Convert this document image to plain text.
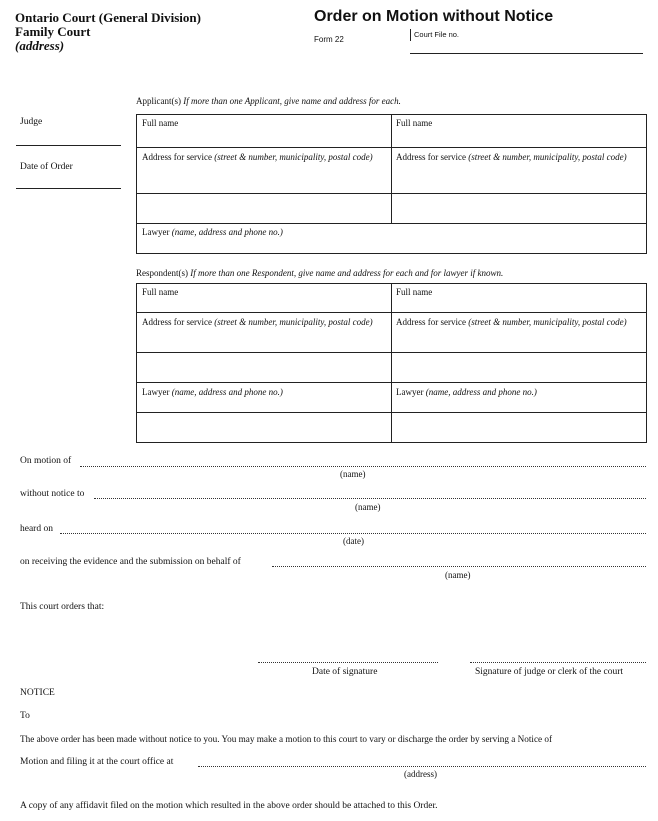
Ontario Court (General Division)
Family Court
(address)
Order on Motion without Notice
Form 22
Court File no.
Judge
Date of Order
Applicant(s) If more than one Applicant, give name and address for each.
Full name	Full name
Address for service (street & number, municipality, postal code)	Address for service (street & number, municipality, postal code)
Lawyer (name, address and phone no.)
Respondent(s) If more than one Respondent, give name and address for each and for lawyer if known.
Full name	Full name
Address for service (street & number, municipality, postal code)	Address for service (street & number, municipality, postal code)
Lawyer (name, address and phone no.)	Lawyer (name, address and phone no.)
On motion of
(name)
without notice to
(name)
heard on
(date)
on receiving the evidence and the submission on behalf of
(name)
This court orders that:
Date of signature	Signature of judge or clerk of the court
NOTICE
To
The above order has been made without notice to you. You may make a motion to this court to vary or discharge the order by serving a Notice of
Motion and filing it at the court office at
(address)
A copy of any affidavit filed on the motion which resulted in the above order should be attached to this Order.
